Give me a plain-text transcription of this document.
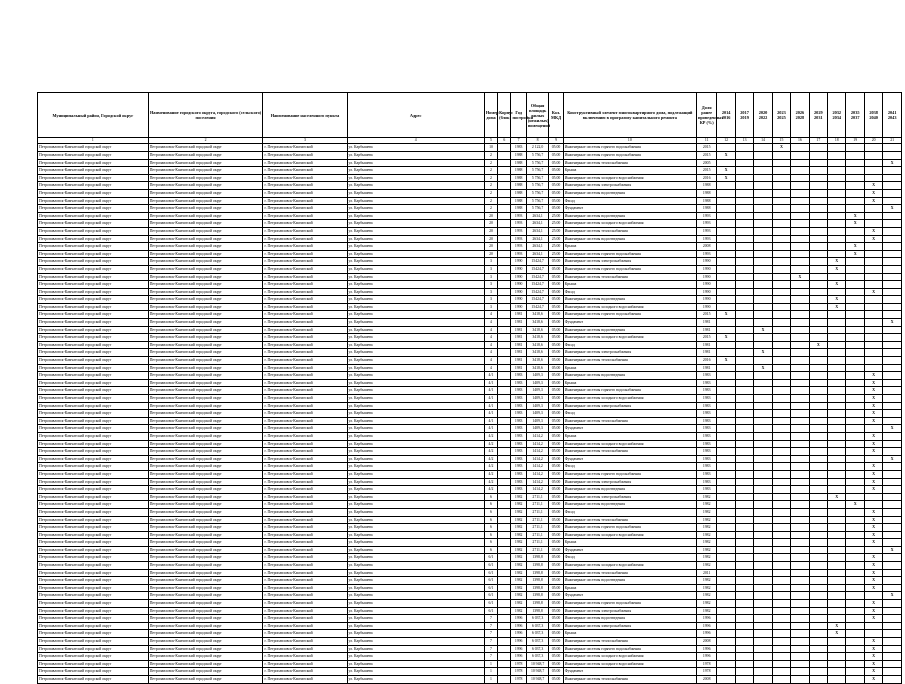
Муниципальный район, Городской округ	Наименование городского округа, городского (сельского) поселения	Наименование населенного пункта	Адрес	Номер дома	Корпус (блок)	Год постройки	Общая площадь жилых (нежилых) помещений	Кол. МКД	Конструктивный элемент многоквартирного дома, подлежащий включению в программу капитального ремонта	Доля ранее проведенных КР (%)	2014 2016	2017 2019	2020 2022	2023 2025	2026 2028	2029 2031	2032 2034	2035 2037	2038 2040	2041 2043
1	2	3	4	5	6	7	8	9	10	11	12	13	14	15	16	17	18	19	20	21
Петропавловск-Камчатский городской округ	Петропавловск-Камчатский городской округ	г. Петропавловск-Камчатский	ул. Карбышева	10		1983	2 122,0	05.00	Инженерные системы горячего водоснабжения	2015				X						
Петропавловск-Камчатский городской округ	Петропавловск-Камчатский городской округ	г. Петропавловск-Камчатский	ул. Карбышева	2		1988	5 756,7	05.00	Инженерные системы горячего водоснабжения	2015	X									
Петропавловск-Камчатский городской округ	Петропавловск-Камчатский городской округ	г. Петропавловск-Камчатский	ул. Карбышева	2		1988	5 756,7	05.00	Инженерные системы теплоснабжения	2005										X
Петропавловск-Камчатский городской округ	Петропавловск-Камчатский городской округ	г. Петропавловск-Камчатский	ул. Карбышева	2		1988	5 756,7	05.00	Крыша	2015	X									
Петропавловск-Камчатский городской округ	Петропавловск-Камчатский городской округ	г. Петропавловск-Камчатский	ул. Карбышева	2		1988	5 756,7	05.00	Инженерные системы холодного водоснабжения	2016	X									
Петропавловск-Камчатский городской округ	Петропавловск-Камчатский городской округ	г. Петропавловск-Камчатский	ул. Карбышева	2		1988	5 756,7	05.00	Инженерные системы электроснабжения	1988									X	
Петропавловск-Камчатский городской округ	Петропавловск-Камчатский городской округ	г. Петропавловск-Камчатский	ул. Карбышева	2		1988	5 756,7	05.00	Инженерные системы водоотведения	1988									X	
Петропавловск-Камчатский городской округ	Петропавловск-Камчатский городской округ	г. Петропавловск-Камчатский	ул. Карбышева	2		1988	5 756,7	05.00	Фасад	1988									X	
Петропавловск-Камчатский городской округ	Петропавловск-Камчатский городской округ	г. Петропавловск-Камчатский	ул. Карбышева	2		1988	5 756,7	05.00	Фундамент	1988										X
Петропавловск-Камчатский городской округ	Петропавловск-Камчатский городской округ	г. Петропавловск-Камчатский	ул. Карбышева	20		1993	2634,1	25.00	Инженерные системы водоотведения	1993								X		
Петропавловск-Камчатский городской округ	Петропавловск-Камчатский городской округ	г. Петропавловск-Камчатский	ул. Карбышева	20		1993	2634,1	25.00	Инженерные системы холодного водоснабжения	1993								X		
Петропавловск-Камчатский городской округ	Петропавловск-Камчатский городской округ	г. Петропавловск-Камчатский	ул. Карбышева	20		1993	2634,1	25.00	Инженерные системы теплоснабжения	1993									X	
Петропавловск-Камчатский городской округ	Петропавловск-Камчатский городской округ	г. Петропавловск-Камчатский	ул. Карбышева	20		1993	2634,1	25.00	Инженерные системы водоотведения	1993									X	
Петропавловск-Камчатский городской округ	Петропавловск-Камчатский городской округ	г. Петропавловск-Камчатский	ул. Карбышева	20		1993	2634,1	25.00	Крыша	2008								X		
Петропавловск-Камчатский городской округ	Петропавловск-Камчатский городской округ	г. Петропавловск-Камчатский	ул. Карбышева	20		1993	2634,1	25.00	Инженерные системы горячего водоснабжения	1993								X		
Петропавловск-Камчатский городской округ	Петропавловск-Камчатский городской округ	г. Петропавловск-Камчатский	ул. Карбышева	3		1990	15424,7	05.00	Инженерные системы электроснабжения	1990							X			
Петропавловск-Камчатский городской округ	Петропавловск-Камчатский городской округ	г. Петропавловск-Камчатский	ул. Карбышева	3		1990	15424,7	05.00	Инженерные системы горячего водоснабжения	1990							X			
Петропавловск-Камчатский городской округ	Петропавловск-Камчатский городской округ	г. Петропавловск-Камчатский	ул. Карбышева	3		1990	15424,7	05.00	Инженерные системы теплоснабжения	1990					X					
Петропавловск-Камчатский городской округ	Петропавловск-Камчатский городской округ	г. Петропавловск-Камчатский	ул. Карбышева	3		1990	15424,7	05.00	Крыша	1990							X			
Петропавловск-Камчатский городской округ	Петропавловск-Камчатский городской округ	г. Петропавловск-Камчатский	ул. Карбышева	3		1990	15424,7	05.00	Фасад	1990									X	
Петропавловск-Камчатский городской округ	Петропавловск-Камчатский городской округ	г. Петропавловск-Камчатский	ул. Карбышева	3		1990	15424,7	05.00	Инженерные системы водоотведения	1990							X			
Петропавловск-Камчатский городской округ	Петропавловск-Камчатский городской округ	г. Петропавловск-Камчатский	ул. Карбышева	3		1990	15424,7	05.00	Инженерные системы холодного водоснабжения	1990							X			
Петропавловск-Камчатский городской округ	Петропавловск-Камчатский городской округ	г. Петропавловск-Камчатский	ул. Карбышева	4		1981	3418,6	05.00	Инженерные системы горячего водоснабжения	2015	X									
Петропавловск-Камчатский городской округ	Петропавловск-Камчатский городской округ	г. Петропавловск-Камчатский	ул. Карбышева	4		1981	3418,6	05.00	Фундамент	1981										X
Петропавловск-Камчатский городской округ	Петропавловск-Камчатский городской округ	г. Петропавловск-Камчатский	ул. Карбышева	4		1981	3418,6	05.00	Инженерные системы водоотведения	1981			X							
Петропавловск-Камчатский городской округ	Петропавловск-Камчатский городской округ	г. Петропавловск-Камчатский	ул. Карбышева	4		1981	3418,6	05.00	Инженерные системы холодного водоснабжения	2015	X									
Петропавловск-Камчатский городской округ	Петропавловск-Камчатский городской округ	г. Петропавловск-Камчатский	ул. Карбышева	4		1981	3418,6	05.00	Фасад	1981						X				
Петропавловск-Камчатский городской округ	Петропавловск-Камчатский городской округ	г. Петропавловск-Камчатский	ул. Карбышева	4		1981	3418,6	05.00	Инженерные системы электроснабжения	1981			X							
Петропавловск-Камчатский городской округ	Петропавловск-Камчатский городской округ	г. Петропавловск-Камчатский	ул. Карбышева	4		1981	3418,6	05.00	Инженерные системы теплоснабжения	2016	X									
Петропавловск-Камчатский городской округ	Петропавловск-Камчатский городской округ	г. Петропавловск-Камчатский	ул. Карбышева	4		1981	3418,6	05.00	Крыша	1981			X							
Петропавловск-Камчатский городской округ	Петропавловск-Камчатский городской округ	г. Петропавловск-Камчатский	ул. Карбышева	4/1		1983	1409,3	05.00	Инженерные системы водоотведения	1983									X	
Петропавловск-Камчатский городской округ	Петропавловск-Камчатский городской округ	г. Петропавловск-Камчатский	ул. Карбышева	4/1		1983	1409,3	05.00	Крыша	1983									X	
Петропавловск-Камчатский городской округ	Петропавловск-Камчатский городской округ	г. Петропавловск-Камчатский	ул. Карбышева	4/1		1983	1409,3	05.00	Инженерные системы горячего водоснабжения	1983									X	
Петропавловск-Камчатский городской округ	Петропавловск-Камчатский городской округ	г. Петропавловск-Камчатский	ул. Карбышева	4/1		1983	1409,3	05.00	Инженерные системы холодного водоснабжения	1983									X	
Петропавловск-Камчатский городской округ	Петропавловск-Камчатский городской округ	г. Петропавловск-Камчатский	ул. Карбышева	4/1		1983	1409,3	05.00	Инженерные системы электроснабжения	1983									X	
Петропавловск-Камчатский городской округ	Петропавловск-Камчатский городской округ	г. Петропавловск-Камчатский	ул. Карбышева	4/1		1983	1409,3	05.00	Фасад	1983									X	
Петропавловск-Камчатский городской округ	Петропавловск-Камчатский городской округ	г. Петропавловск-Камчатский	ул. Карбышева	4/1		1983	1409,3	05.00	Инженерные системы теплоснабжения	1983									X	
Петропавловск-Камчатский городской округ	Петропавловск-Камчатский городской округ	г. Петропавловск-Камчатский	ул. Карбышева	4/1		1983	1409,3	05.00	Фундамент	1983										X
Петропавловск-Камчатский городской округ	Петропавловск-Камчатский городской округ	г. Петропавловск-Камчатский	ул. Карбышева	4/2		1983	1414,2	05.00	Крыша	1983									X	
Петропавловск-Камчатский городской округ	Петропавловск-Камчатский городской округ	г. Петропавловск-Камчатский	ул. Карбышева	4/2		1983	1414,2	05.00	Инженерные системы холодного водоснабжения	1983									X	
Петропавловск-Камчатский городской округ	Петропавловск-Камчатский городской округ	г. Петропавловск-Камчатский	ул. Карбышева	4/2		1983	1414,2	05.00	Инженерные системы теплоснабжения	1983									X	
Петропавловск-Камчатский городской округ	Петропавловск-Камчатский городской округ	г. Петропавловск-Камчатский	ул. Карбышева	4/2		1983	1414,2	05.00	Фундамент	1983										X
Петропавловск-Камчатский городской округ	Петропавловск-Камчатский городской округ	г. Петропавловск-Камчатский	ул. Карбышева	4/2		1983	1414,2	05.00	Фасад	1983									X	
Петропавловск-Камчатский городской округ	Петропавловск-Камчатский городской округ	г. Петропавловск-Камчатский	ул. Карбышева	4/2		1983	1414,2	05.00	Инженерные системы горячего водоснабжения	1983									X	
Петропавловск-Камчатский городской округ	Петропавловск-Камчатский городской округ	г. Петропавловск-Камчатский	ул. Карбышева	4/2		1983	1414,2	05.00	Инженерные системы электроснабжения	1983									X	
Петропавловск-Камчатский городской округ	Петропавловск-Камчатский городской округ	г. Петропавловск-Камчатский	ул. Карбышева	4/2		1983	1414,2	05.00	Инженерные системы водоотведения	1983									X	
Петропавловск-Камчатский городской округ	Петропавловск-Камчатский городской округ	г. Петропавловск-Камчатский	ул. Карбышева	6		1982	2711,1	05.00	Инженерные системы электроснабжения	1982							X			
Петропавловск-Камчатский городской округ	Петропавловск-Камчатский городской округ	г. Петропавловск-Камчатский	ул. Карбышева	6		1982	2711,1	05.00	Инженерные системы водоотведения	1982								X		
Петропавловск-Камчатский городской округ	Петропавловск-Камчатский городской округ	г. Петропавловск-Камчатский	ул. Карбышева	6		1982	2711,1	05.00	Фасад	1982									X	
Петропавловск-Камчатский городской округ	Петропавловск-Камчатский городской округ	г. Петропавловск-Камчатский	ул. Карбышева	6		1982	2711,1	05.00	Инженерные системы теплоснабжения	1982									X	
Петропавловск-Камчатский городской округ	Петропавловск-Камчатский городской округ	г. Петропавловск-Камчатский	ул. Карбышева	6		1982	2711,1	05.00	Инженерные системы горячего водоснабжения	1982									X	
Петропавловск-Камчатский городской округ	Петропавловск-Камчатский городской округ	г. Петропавловск-Камчатский	ул. Карбышева	6		1982	2711,1	05.00	Инженерные системы холодного водоснабжения	1982									X	
Петропавловск-Камчатский городской округ	Петропавловск-Камчатский городской округ	г. Петропавловск-Камчатский	ул. Карбышева	6		1982	2711,1	05.00	Крыша	1982									X	
Петропавловск-Камчатский городской округ	Петропавловск-Камчатский городской округ	г. Петропавловск-Камчатский	ул. Карбышева	6		1982	2711,1	05.00	Фундамент	1982										X
Петропавловск-Камчатский городской округ	Петропавловск-Камчатский городской округ	г. Петропавловск-Камчатский	ул. Карбышева	6/1		1982	1398,8	05.00	Фасад	1982									X	
Петропавловск-Камчатский городской округ	Петропавловск-Камчатский городской округ	г. Петропавловск-Камчатский	ул. Карбышева	6/1		1982	1398,8	05.00	Инженерные системы холодного водоснабжения	1982									X	
Петропавловск-Камчатский городской округ	Петропавловск-Камчатский городской округ	г. Петропавловск-Камчатский	ул. Карбышева	6/1		1982	1398,8	05.00	Инженерные системы теплоснабжения	2011									X	
Петропавловск-Камчатский городской округ	Петропавловск-Камчатский городской округ	г. Петропавловск-Камчатский	ул. Карбышева	6/1		1982	1398,8	05.00	Инженерные системы водоотведения	1982									X	
Петропавловск-Камчатский городской округ	Петропавловск-Камчатский городской округ	г. Петропавловск-Камчатский	ул. Карбышева	6/1		1982	1398,8	05.00	Крыша	1982									X	
Петропавловск-Камчатский городской округ	Петропавловск-Камчатский городской округ	г. Петропавловск-Камчатский	ул. Карбышева	6/1		1982	1398,8	05.00	Фундамент	1982										X
Петропавловск-Камчатский городской округ	Петропавловск-Камчатский городской округ	г. Петропавловск-Камчатский	ул. Карбышева	6/1		1982	1398,8	05.00	Инженерные системы горячего водоснабжения	1982									X	
Петропавловск-Камчатский городской округ	Петропавловск-Камчатский городской округ	г. Петропавловск-Камчатский	ул. Карбышева	6/1		1982	1398,8	05.00	Инженерные системы электроснабжения	1982									X	
Петропавловск-Камчатский городской округ	Петропавловск-Камчатский городской округ	г. Петропавловск-Камчатский	ул. Карбышева	7		1996	6 037,3	05.00	Инженерные системы водоотведения	1996									X	
Петропавловск-Камчатский городской округ	Петропавловск-Камчатский городской округ	г. Петропавловск-Камчатский	ул. Карбышева	7		1996	6 037,3	05.00	Инженерные системы электроснабжения	1996							X			
Петропавловск-Камчатский городской округ	Петропавловск-Камчатский городской округ	г. Петропавловск-Камчатский	ул. Карбышева	7		1996	6 037,3	05.00	Крыша	1996							X			
Петропавловск-Камчатский городской округ	Петропавловск-Камчатский городской округ	г. Петропавловск-Камчатский	ул. Карбышева	7		1996	6 037,3	05.00	Инженерные системы теплоснабжения	2008									X	
Петропавловск-Камчатский городской округ	Петропавловск-Камчатский городской округ	г. Петропавловск-Камчатский	ул. Карбышева	7		1996	6 037,3	05.00	Инженерные системы горячего водоснабжения	1996									X	
Петропавловск-Камчатский городской округ	Петропавловск-Камчатский городской округ	г. Петропавловск-Камчатский	ул. Карбышева	7		1996	6 037,3	05.00	Инженерные системы холодного водоснабжения	1996									X	
Петропавловск-Камчатский городской округ	Петропавловск-Камчатский городской округ	г. Петропавловск-Камчатский	ул. Карбышева	1		1978	10 948,7	05.00	Инженерные системы холодного водоснабжения	1978									X	
Петропавловск-Камчатский городской округ	Петропавловск-Камчатский городской округ	г. Петропавловск-Камчатский	ул. Карбышева	1		1978	10 948,7	05.00	Фундамент	1978									X	
Петропавловск-Камчатский городской округ	Петропавловск-Камчатский городской округ	г. Петропавловск-Камчатский	ул. Карбышева	1		1978	10 948,7	05.00	Инженерные системы теплоснабжения	2008									X	
